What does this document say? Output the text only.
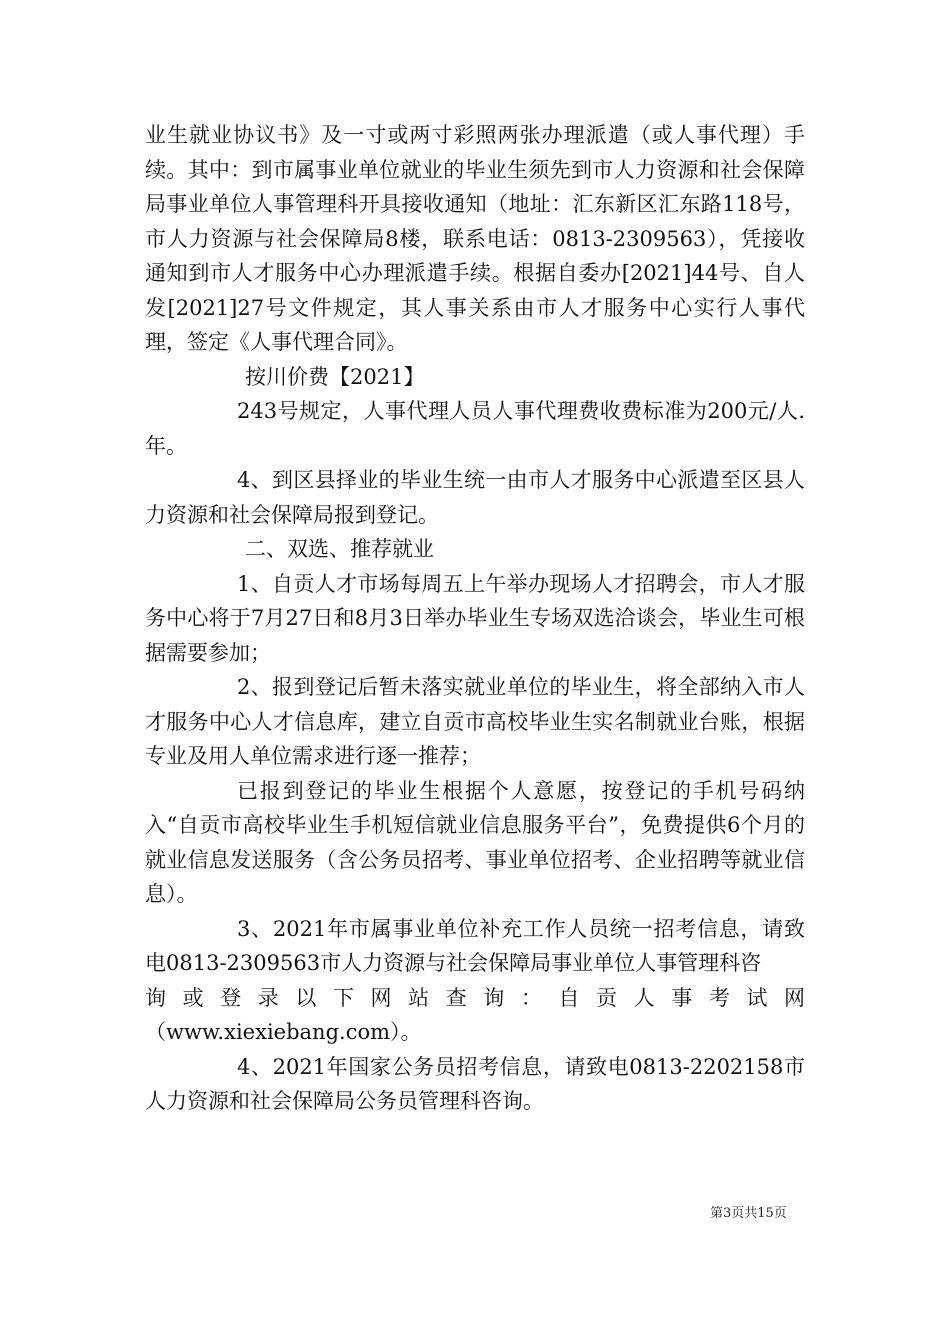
业生就业协议书》及一寸或两寸彩照两张办理派遣（或人事代理）手续。其中：到市属事业单位就业的毕业生须先到市人力资源和社会保障局事业单位人事管理科开具接收通知（地址：汇东新区汇东路118号，市人力资源与社会保障局8楼，联系电话：0813-2309563），凭接收通知到市人才服务中心办理派遣手续。根据自委办[2021]44号、自人发[2021]27号文件规定，其人事关系由市人才服务中心实行人事代理，签定《人事代理合同》。

按川价费【2021】

243号规定，人事代理人员人事代理费收费标准为200元/人.年。

4、到区县择业的毕业生统一由市人才服务中心派遣至区县人力资源和社会保障局报到登记。

二、双选、推荐就业

1、自贡人才市场每周五上午举办现场人才招聘会，市人才服务中心将于7月27日和8月3日举办毕业生专场双选洽谈会，毕业生可根据需要参加；

2、报到登记后暂未落实就业单位的毕业生，将全部纳入市人才服务中心人才信息库，建立自贡市高校毕业生实名制就业台账，根据专业及用人单位需求进行逐一推荐；

已报到登记的毕业生根据个人意愿，按登记的手机号码纳入“自贡市高校毕业生手机短信就业信息服务平台”，免费提供6个月的就业信息发送服务（含公务员招考、事业单位招考、企业招聘等就业信息）。

3、2021年市属事业单位补充工作人员统一招考信息，请致电0813-2309563市人力资源与社会保障局事业单位人事管理科咨

询或登录以下网站查询：自贡人事考试网

（www.xiexiebang.com）。

4、2021年国家公务员招考信息，请致电0813-2202158市人力资源和社会保障局公务员管理科咨询。

第3页共15页
